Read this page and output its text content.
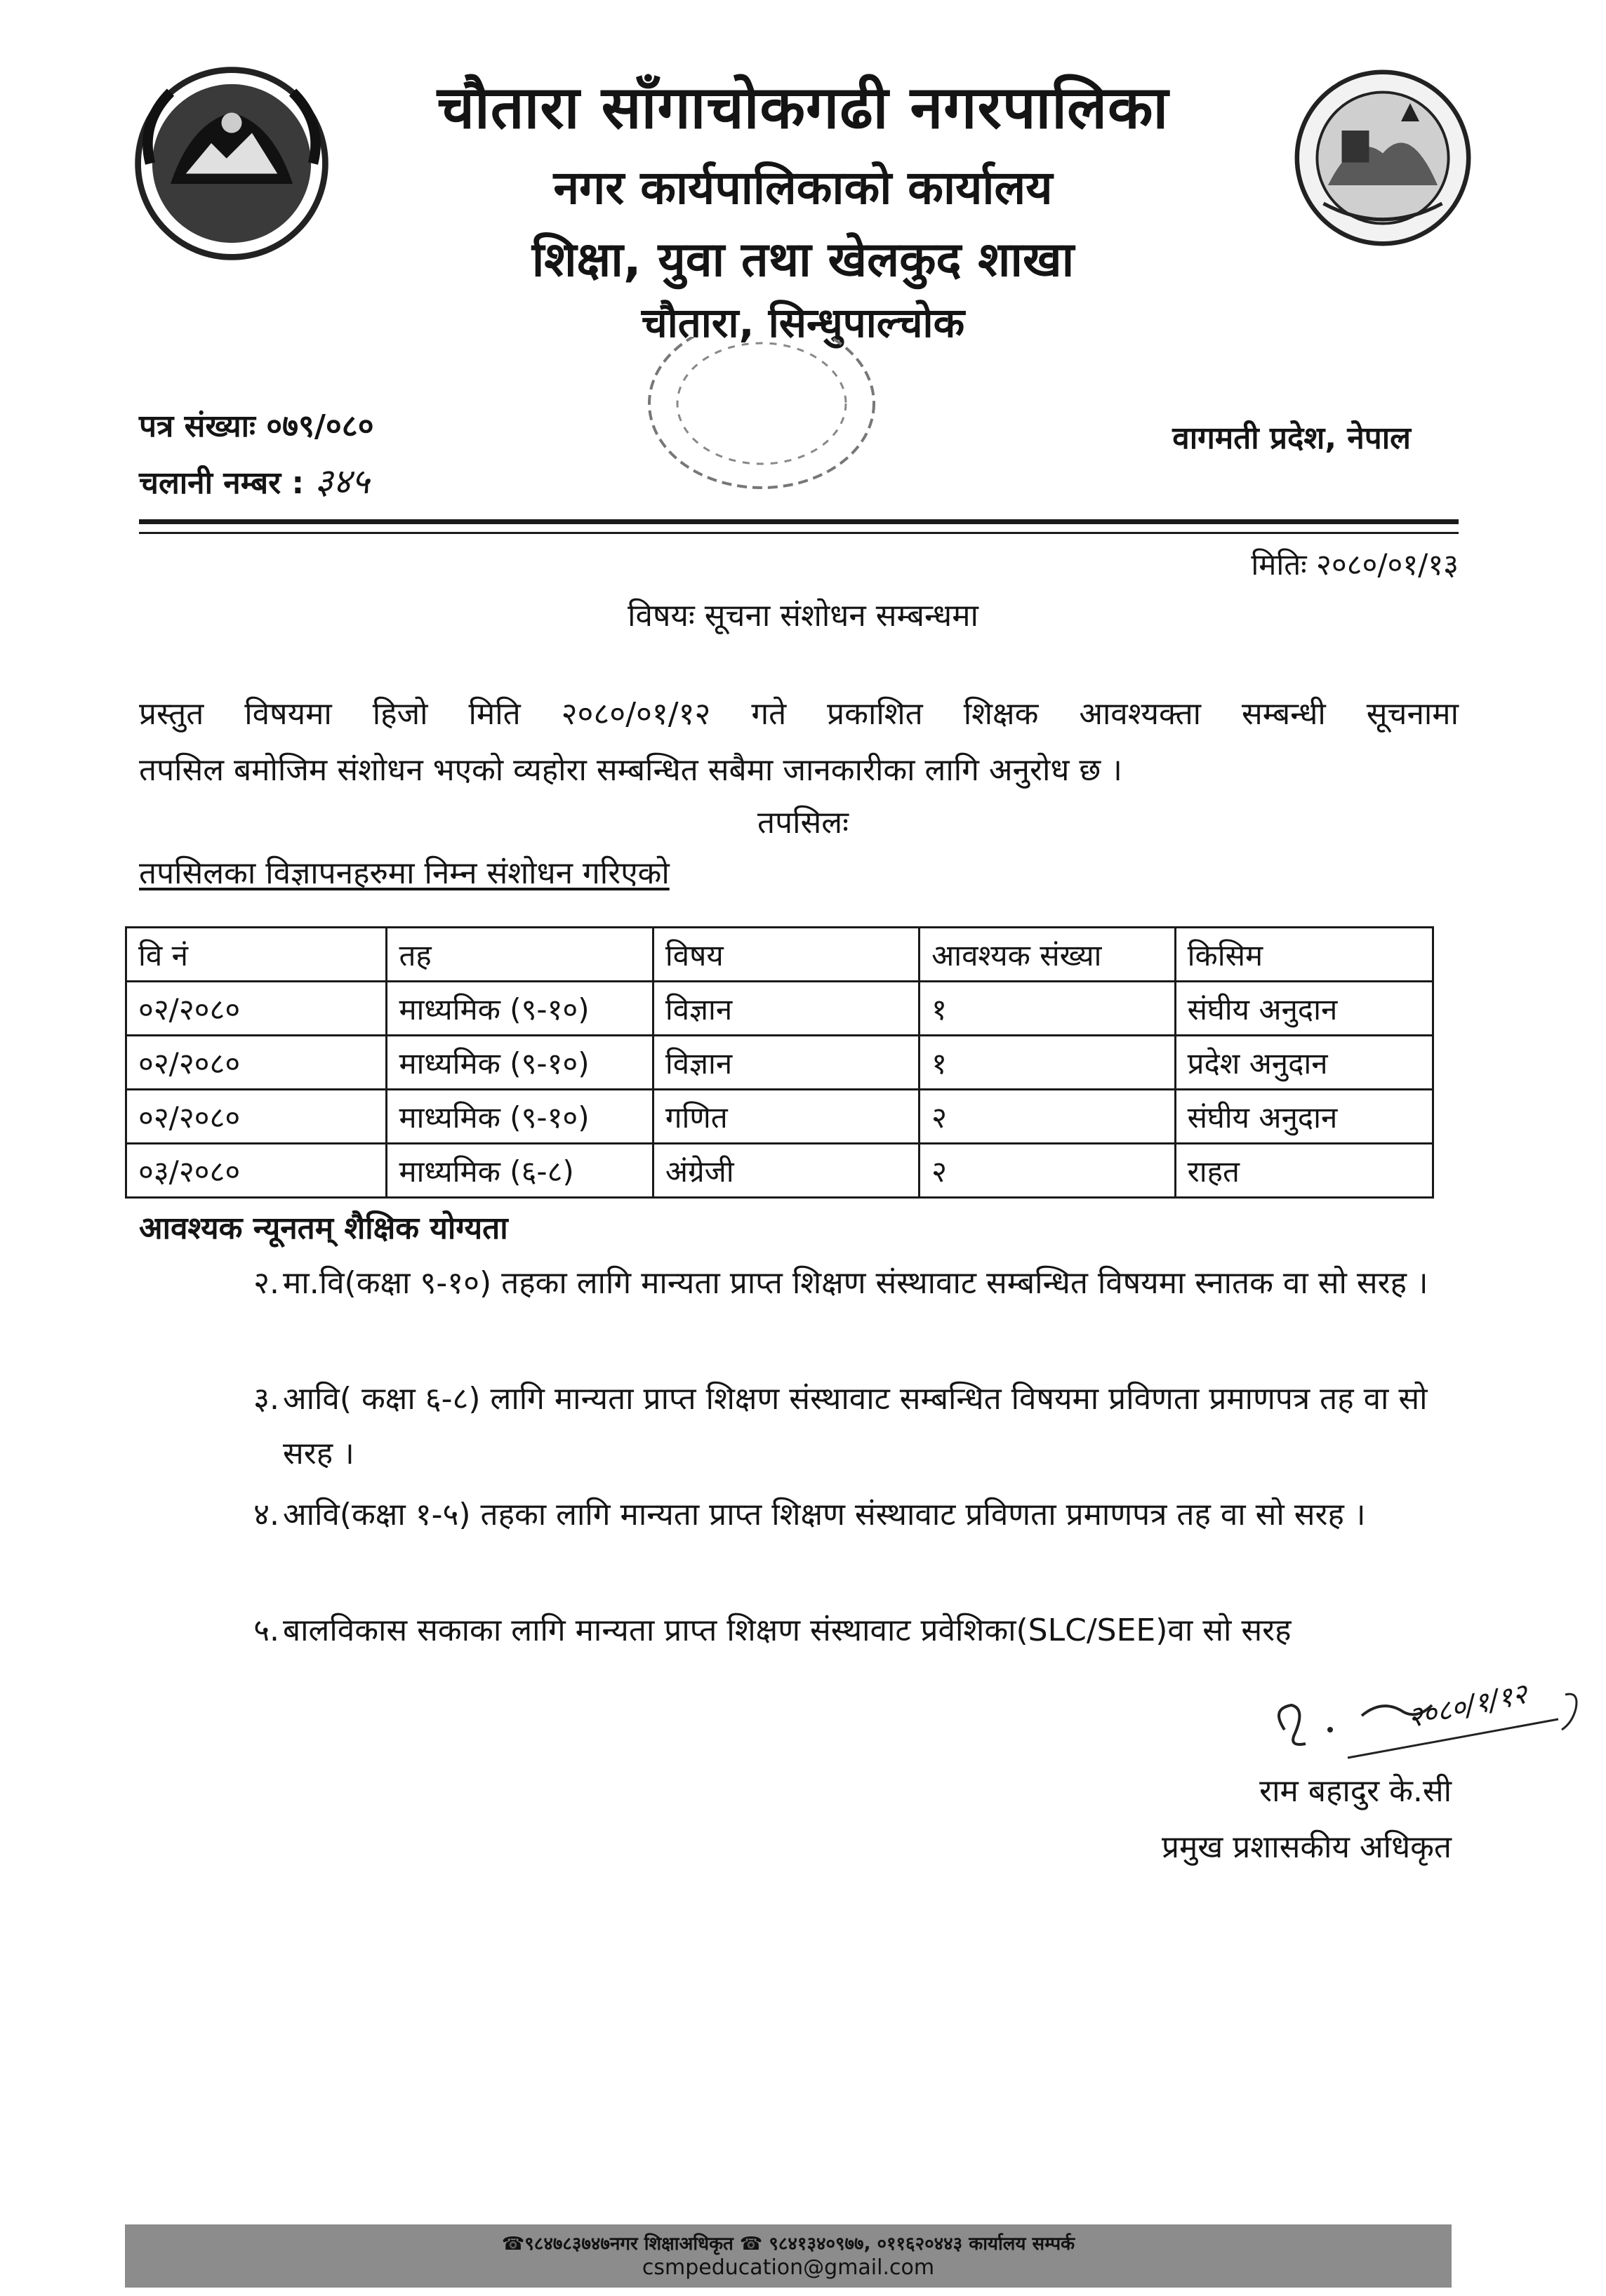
चौतारा साँगाचोकगढी नगरपालिका
नगर कार्यपालिकाको कार्यालय
शिक्षा, युवा तथा खेलकुद शाखा
चौतारा, सिन्धुपाल्चोक
पत्र संख्याः ०७९/०८०
चलानी नम्बर : ३४५
वागमती प्रदेश, नेपाल
मितिः २०८०/०१/१३
विषयः सूचना संशोधन सम्बन्धमा
प्रस्तुत विषयमा हिजो मिति २०८०/०१/१२ गते प्रकाशित शिक्षक आवश्यक्ता सम्बन्धी सूचनामा
तपसिल बमोजिम संशोधन भएको व्यहोरा सम्बन्धित सबैमा जानकारीका लागि अनुरोध छ ।
तपसिलः
तपसिलका विज्ञापनहरुमा निम्न संशोधन गरिएको
वि नं	तह	विषय	आवश्यक संख्या	किसिम
०२/२०८०	माध्यमिक (९-१०)	विज्ञान	१	संघीय अनुदान
०२/२०८०	माध्यमिक (९-१०)	विज्ञान	१	प्रदेश अनुदान
०२/२०८०	माध्यमिक (९-१०)	गणित	२	संघीय अनुदान
०३/२०८०	माध्यमिक (६-८)	अंग्रेजी	२	राहत
आवश्यक न्यूनतम् शैक्षिक योग्यता
२. मा.वि(कक्षा ९-१०) तहका लागि मान्यता प्राप्त शिक्षण संस्थावाट सम्बन्धित विषयमा स्नातक वा सो सरह ।
३. आवि( कक्षा ६-८) लागि मान्यता प्राप्त शिक्षण संस्थावाट सम्बन्धित विषयमा प्रविणता प्रमाणपत्र तह वा सो सरह ।
४. आवि(कक्षा १-५) तहका लागि मान्यता प्राप्त शिक्षण संस्थावाट प्रविणता प्रमाणपत्र तह वा सो सरह ।
५. बालविकास सकाका लागि मान्यता प्राप्त शिक्षण संस्थावाट प्रवेशिका(SLC/SEE)वा सो सरह
२०८०/१/१२
राम बहादुर के.सी
प्रमुख प्रशासकीय अधिकृत
☎९८४७८३७४७नगर शिक्षाअधिकृत ☎ ९८४१३४०९७७, ०११६२०४४३ कार्यालय सम्पर्क
csmpeducation@gmail.com
